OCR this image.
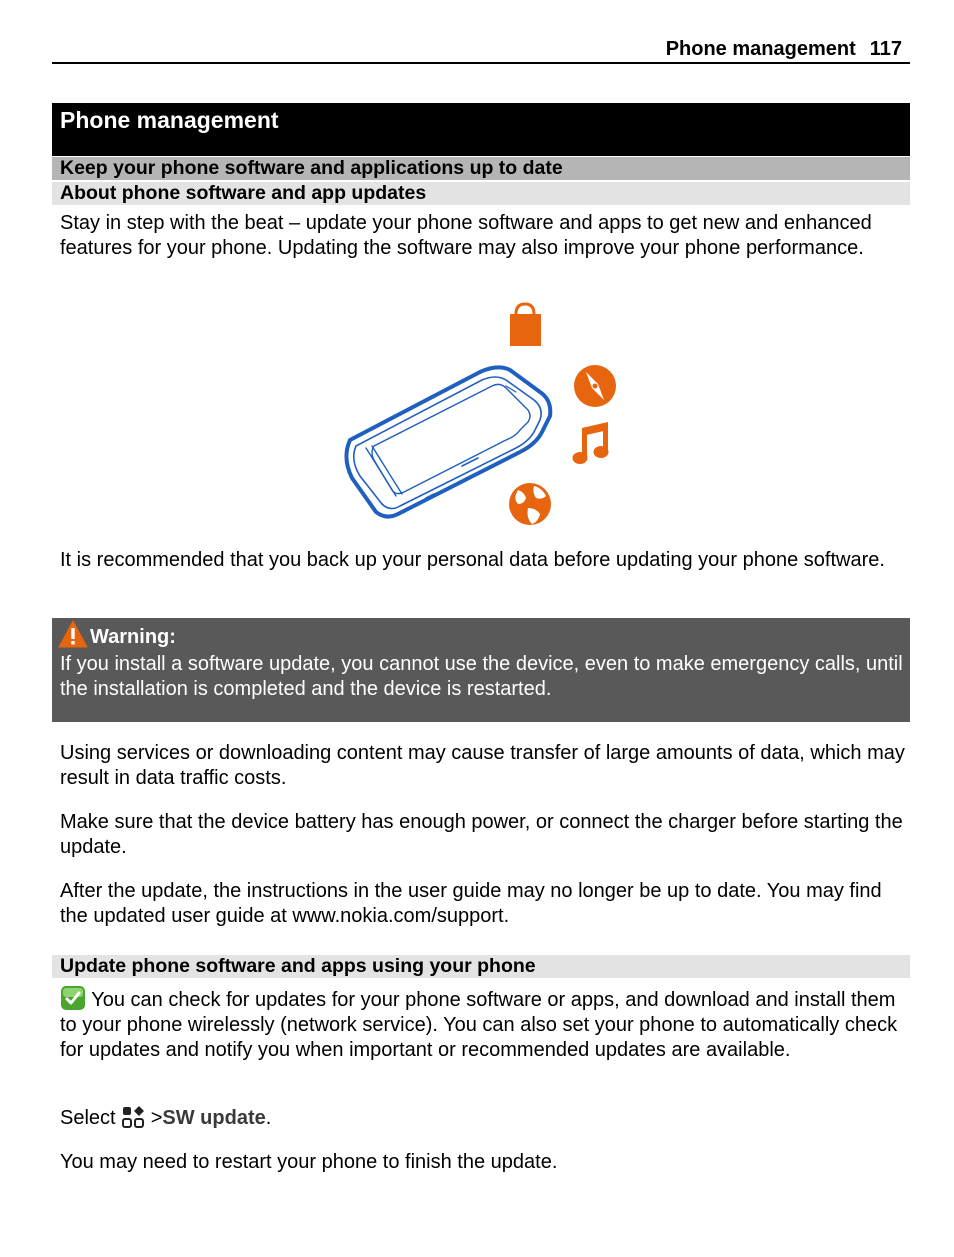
Phone management 117
Phone management
Keep your phone software and applications up to date
About phone software and app updates
Stay in step with the beat – update your phone software and apps to get new and enhanced features for your phone. Updating the software may also improve your phone performance.
It is recommended that you back up your personal data before updating your phone software.
Warning:
If you install a software update, you cannot use the device, even to make emergency calls, until the installation is completed and the device is restarted.
Using services or downloading content may cause transfer of large amounts of data, which may result in data traffic costs.
Make sure that the device battery has enough power, or connect the charger before starting the update.
After the update, the instructions in the user guide may no longer be up to date. You may find the updated user guide at www.nokia.com/support.
Update phone software and apps using your phone
You can check for updates for your phone software or apps, and download and install them to your phone wirelessly (network service). You can also set your phone to automatically check for updates and notify you when important or recommended updates are available.
Select >SW update.
You may need to restart your phone to finish the update.
